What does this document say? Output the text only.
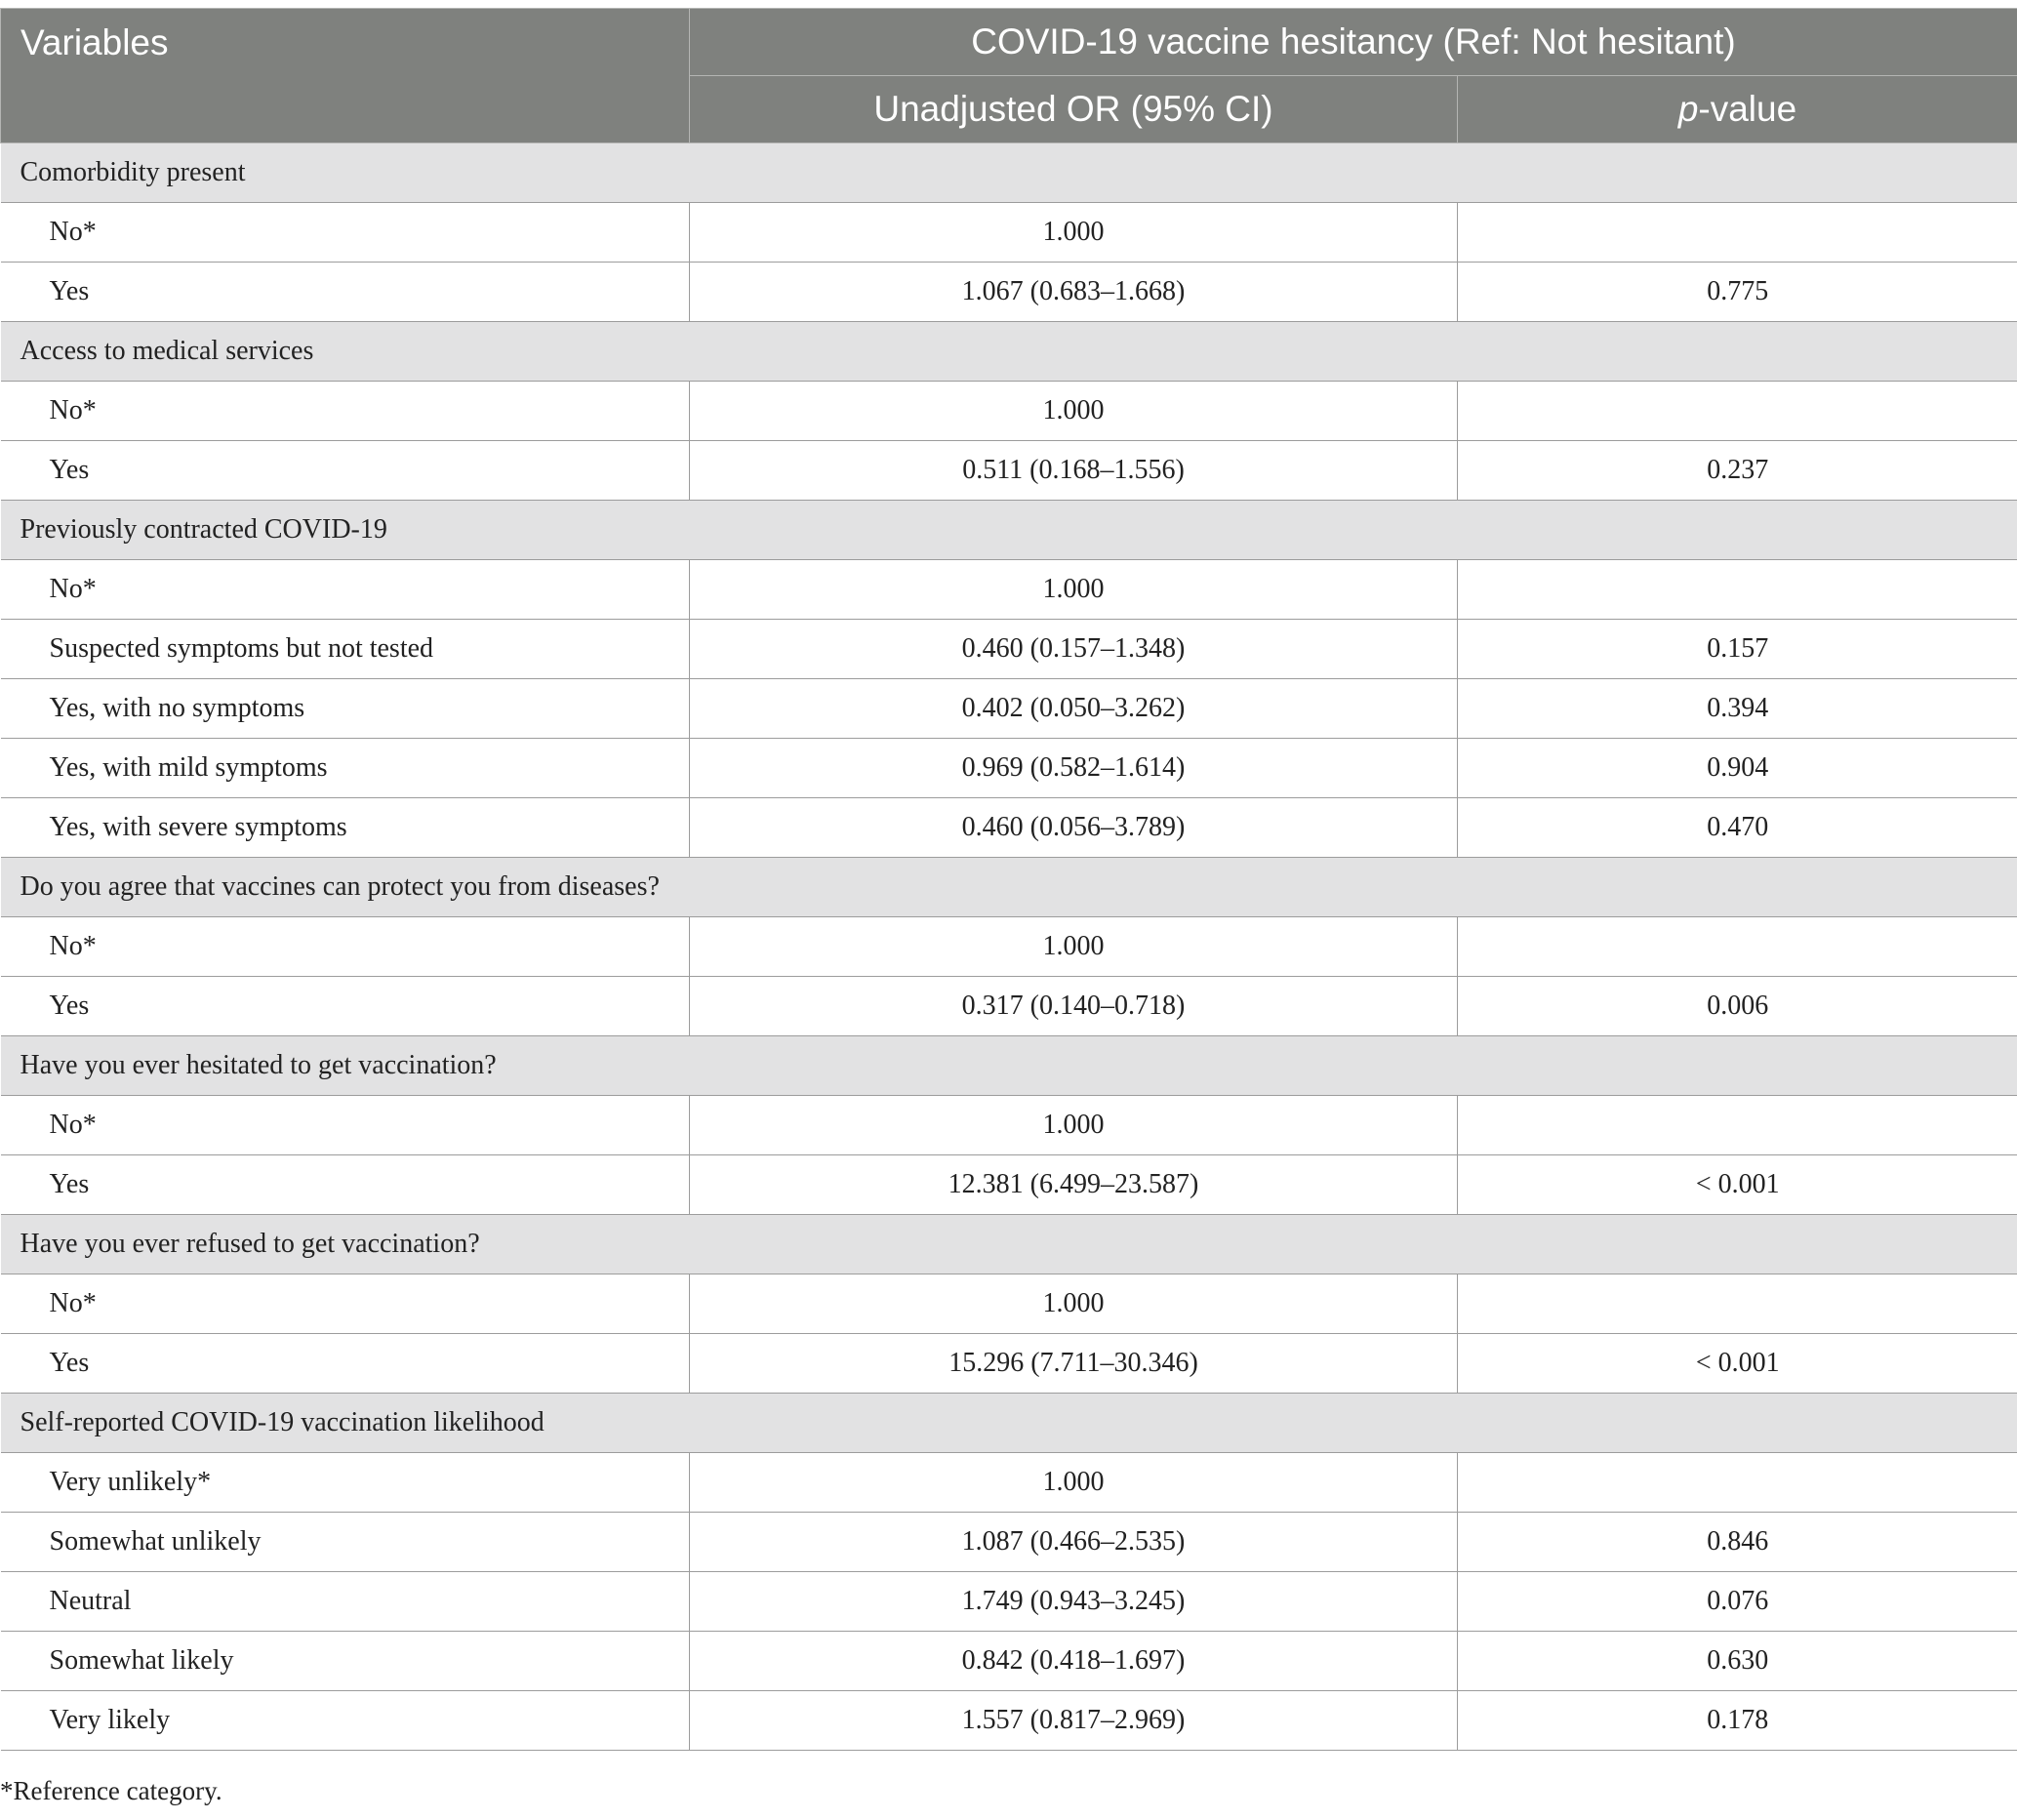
Variables	COVID-19 vaccine hesitancy (Ref: Not hesitant)	
	Unadjusted OR (95% CI)	p-value
Comorbidity present		
No*	1.000	
Yes	1.067 (0.683–1.668)	0.775
Access to medical services		
No*	1.000	
Yes	0.511 (0.168–1.556)	0.237
Previously contracted COVID-19		
No*	1.000	
Suspected symptoms but not tested	0.460 (0.157–1.348)	0.157
Yes, with no symptoms	0.402 (0.050–3.262)	0.394
Yes, with mild symptoms	0.969 (0.582–1.614)	0.904
Yes, with severe symptoms	0.460 (0.056–3.789)	0.470
Do you agree that vaccines can protect you from diseases?		
No*	1.000	
Yes	0.317 (0.140–0.718)	0.006
Have you ever hesitated to get vaccination?		
No*	1.000	
Yes	12.381 (6.499–23.587)	< 0.001
Have you ever refused to get vaccination?		
No*	1.000	
Yes	15.296 (7.711–30.346)	< 0.001
Self-reported COVID-19 vaccination likelihood		
Very unlikely*	1.000	
Somewhat unlikely	1.087 (0.466–2.535)	0.846
Neutral	1.749 (0.943–3.245)	0.076
Somewhat likely	0.842 (0.418–1.697)	0.630
Very likely	1.557 (0.817–2.969)	0.178
*Reference category.
